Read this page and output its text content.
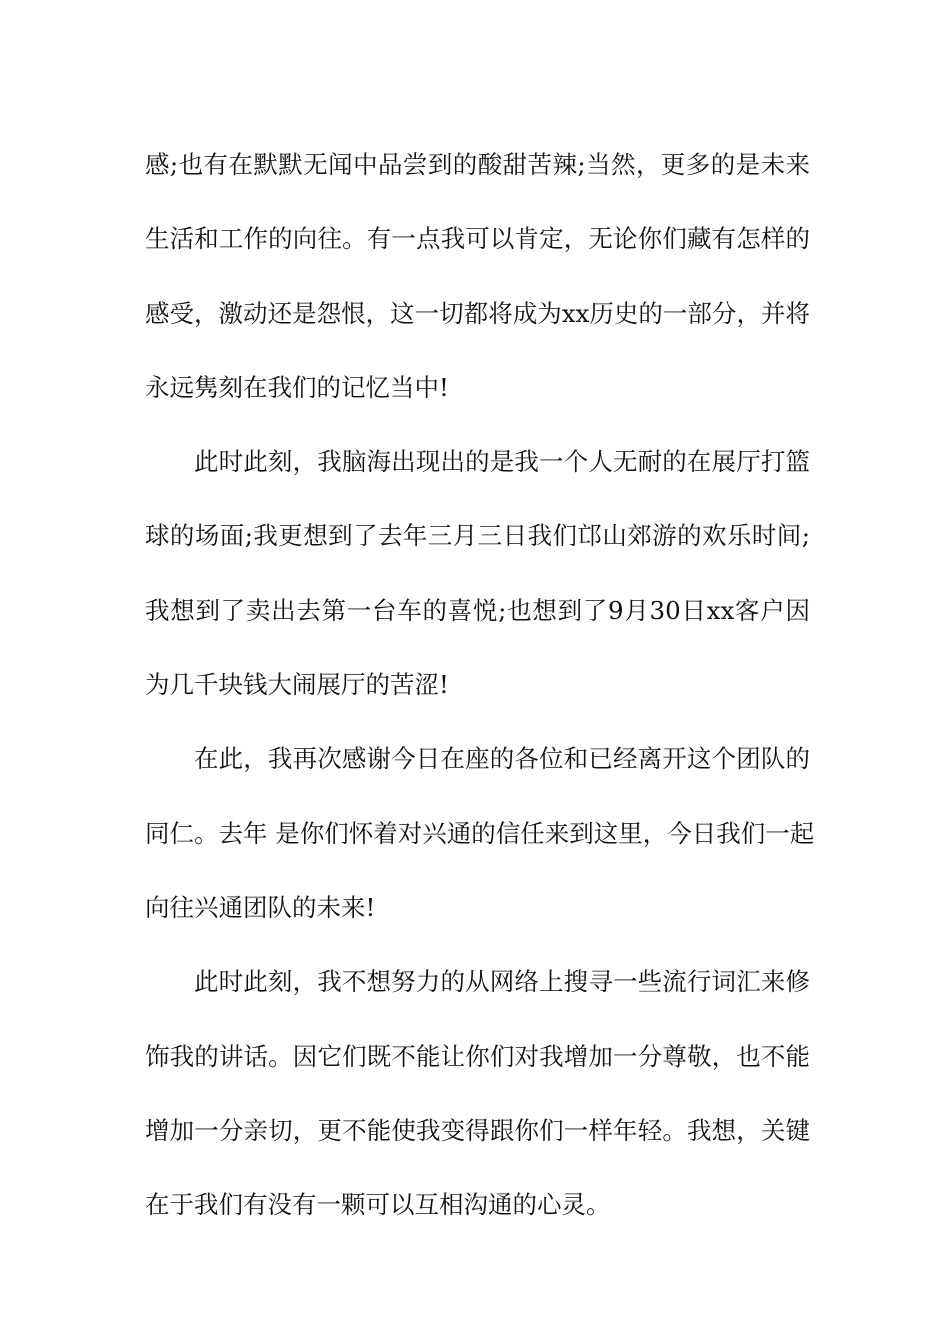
感;也有在默默无闻中品尝到的酸甜苦辣;当然，更多的是未来
生活和工作的向往。有一点我可以肯定，无论你们藏有怎样的
感受，激动还是怨恨，这一切都将成为xx历史的一部分，并将
永远隽刻在我们的记忆当中!
此时此刻，我脑海出现出的是我一个人无耐的在展厅打篮
球的场面;我更想到了去年三月三日我们邙山郊游的欢乐时间;
我想到了卖出去第一台车的喜悦;也想到了9月30日xx客户因
为几千块钱大闹展厅的苦涩!
在此，我再次感谢今日在座的各位和已经离开这个团队的
同仁。去年 是你们怀着对兴通的信任来到这里，今日我们一起
向往兴通团队的未来!
此时此刻，我不想努力的从网络上搜寻一些流行词汇来修
饰我的讲话。因它们既不能让你们对我增加一分尊敬，也不能
增加一分亲切，更不能使我变得跟你们一样年轻。我想，关键
在于我们有没有一颗可以互相沟通的心灵。
